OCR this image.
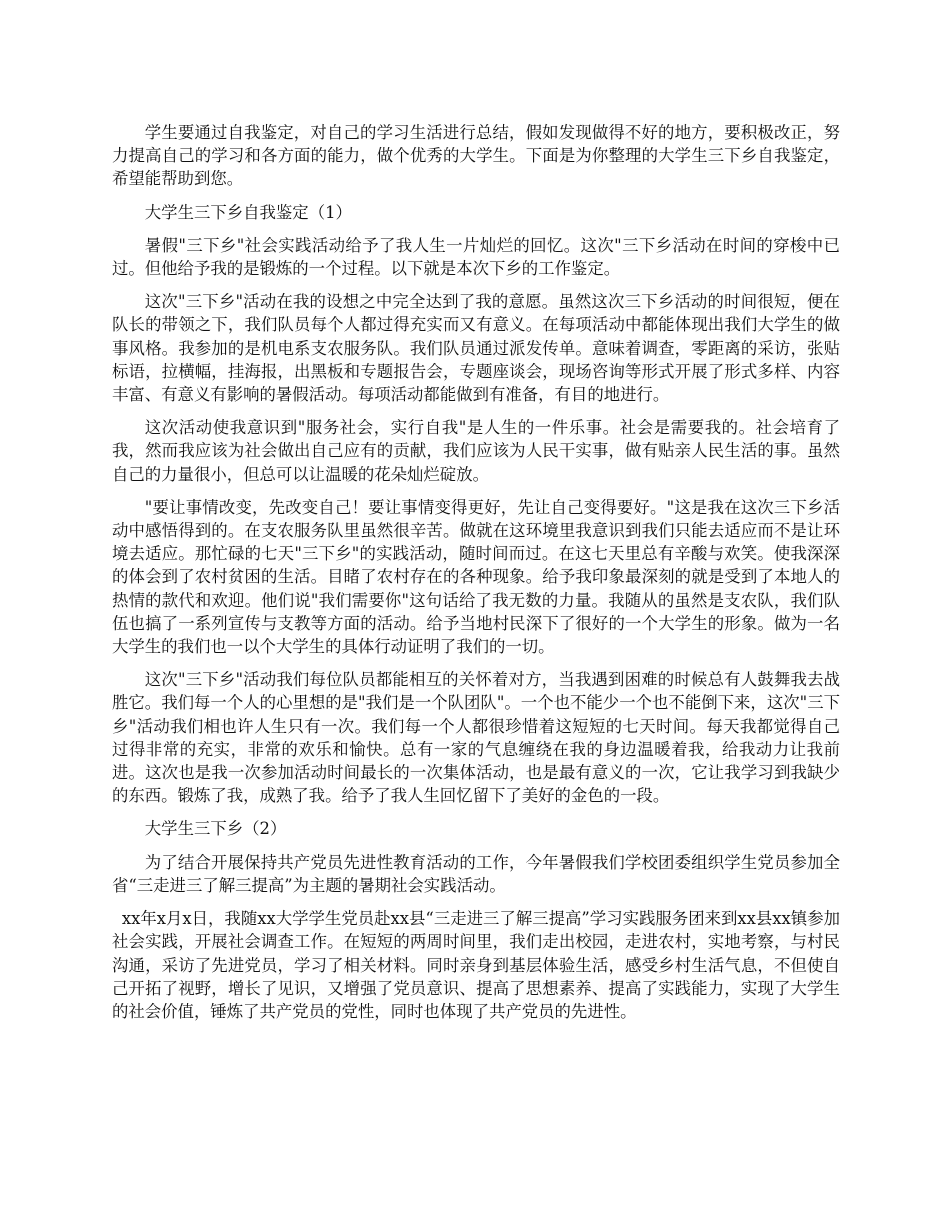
学生要通过自我鉴定，对自己的学习生活进行总结，假如发现做得不好的地方，要积极改正，努力提高自己的学习和各方面的能力，做个优秀的大学生。下面是为你整理的大学生三下乡自我鉴定，希望能帮助到您。

大学生三下乡自我鉴定（1）

暑假"三下乡"社会实践活动给予了我人生一片灿烂的回忆。这次"三下乡活动在时间的穿梭中已过。但他给予我的是锻炼的一个过程。以下就是本次下乡的工作鉴定。

这次"三下乡"活动在我的设想之中完全达到了我的意愿。虽然这次三下乡活动的时间很短，便在队长的带领之下，我们队员每个人都过得充实而又有意义。在每项活动中都能体现出我们大学生的做事风格。我参加的是机电系支农服务队。我们队员通过派发传单。意味着调查，零距离的采访，张贴标语，拉横幅，挂海报，出黑板和专题报告会，专题座谈会，现场咨询等形式开展了形式多样、内容丰富、有意义有影响的暑假活动。每项活动都能做到有准备，有目的地进行。

这次活动使我意识到"服务社会，实行自我"是人生的一件乐事。社会是需要我的。社会培育了我，然而我应该为社会做出自己应有的贡献，我们应该为人民干实事，做有贴亲人民生活的事。虽然自己的力量很小，但总可以让温暖的花朵灿烂碇放。

"要让事情改变，先改变自己！要让事情变得更好，先让自己变得要好。"这是我在这次三下乡活动中感悟得到的。在支农服务队里虽然很辛苦。做就在这环境里我意识到我们只能去适应而不是让环境去适应。那忙碌的七天"三下乡"的实践活动，随时间而过。在这七天里总有辛酸与欢笑。使我深深的体会到了农村贫困的生活。目睹了农村存在的各种现象。给予我印象最深刻的就是受到了本地人的热情的款代和欢迎。他们说"我们需要你"这句话给了我无数的力量。我随从的虽然是支农队，我们队伍也搞了一系列宣传与支教等方面的活动。给予当地村民深下了很好的一个大学生的形象。做为一名大学生的我们也一以个大学生的具体行动证明了我们的一切。

这次"三下乡"活动我们每位队员都能相互的关怀着对方，当我遇到困难的时候总有人鼓舞我去战胜它。我们每一个人的心里想的是"我们是一个队团队"。一个也不能少一个也不能倒下来，这次"三下乡"活动我们相也许人生只有一次。我们每一个人都很珍惜着这短短的七天时间。每天我都觉得自己过得非常的充实，非常的欢乐和愉快。总有一家的气息缠绕在我的身边温暖着我，给我动力让我前进。这次也是我一次参加活动时间最长的一次集体活动，也是最有意义的一次，它让我学习到我缺少的东西。锻炼了我，成熟了我。给予了我人生回忆留下了美好的金色的一段。

大学生三下乡（2）

为了结合开展保持共产党员先进性教育活动的工作，今年暑假我们学校团委组织学生党员参加全省“三走进三了解三提高”为主题的暑期社会实践活动。

xx年x月x日，我随xx大学学生党员赴xx县“三走进三了解三提高”学习实践服务团来到xx县xx镇参加社会实践，开展社会调查工作。在短短的两周时间里，我们走出校园，走进农村，实地考察，与村民沟通，采访了先进党员，学习了相关材料。同时亲身到基层体验生活，感受乡村生活气息，不但使自己开拓了视野，增长了见识，又增强了党员意识、提高了思想素养、提高了实践能力，实现了大学生的社会价值，锤炼了共产党员的党性，同时也体现了共产党员的先进性。
